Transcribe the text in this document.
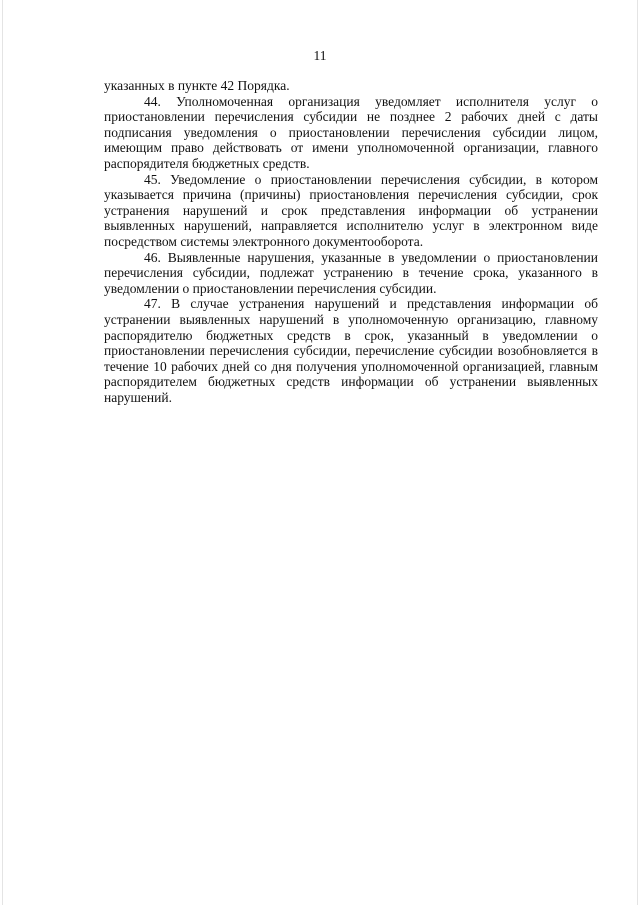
11

указанных в пункте 42 Порядка.

44. Уполномоченная организация уведомляет исполнителя услуг о приостановлении перечисления субсидии не позднее 2 рабочих дней с даты подписания уведомления о приостановлении перечисления субсидии лицом, имеющим право действовать от имени уполномоченной организации, главного распорядителя бюджетных средств.

45. Уведомление о приостановлении перечисления субсидии, в котором указывается причина (причины) приостановления перечисления субсидии, срок устранения нарушений и срок представления информации об устранении выявленных нарушений, направляется исполнителю услуг в электронном виде посредством системы электронного документооборота.

46. Выявленные нарушения, указанные в уведомлении о приостановлении перечисления субсидии, подлежат устранению в течение срока, указанного в уведомлении о приостановлении перечисления субсидии.

47. В случае устранения нарушений и представления информации об устранении выявленных нарушений в уполномоченную организацию, главному распорядителю бюджетных средств в срок, указанный в уведомлении о приостановлении перечисления субсидии, перечисление субсидии возобновляется в течение 10 рабочих дней со дня получения уполномоченной организацией, главным распорядителем бюджетных средств информации об устранении выявленных нарушений.
